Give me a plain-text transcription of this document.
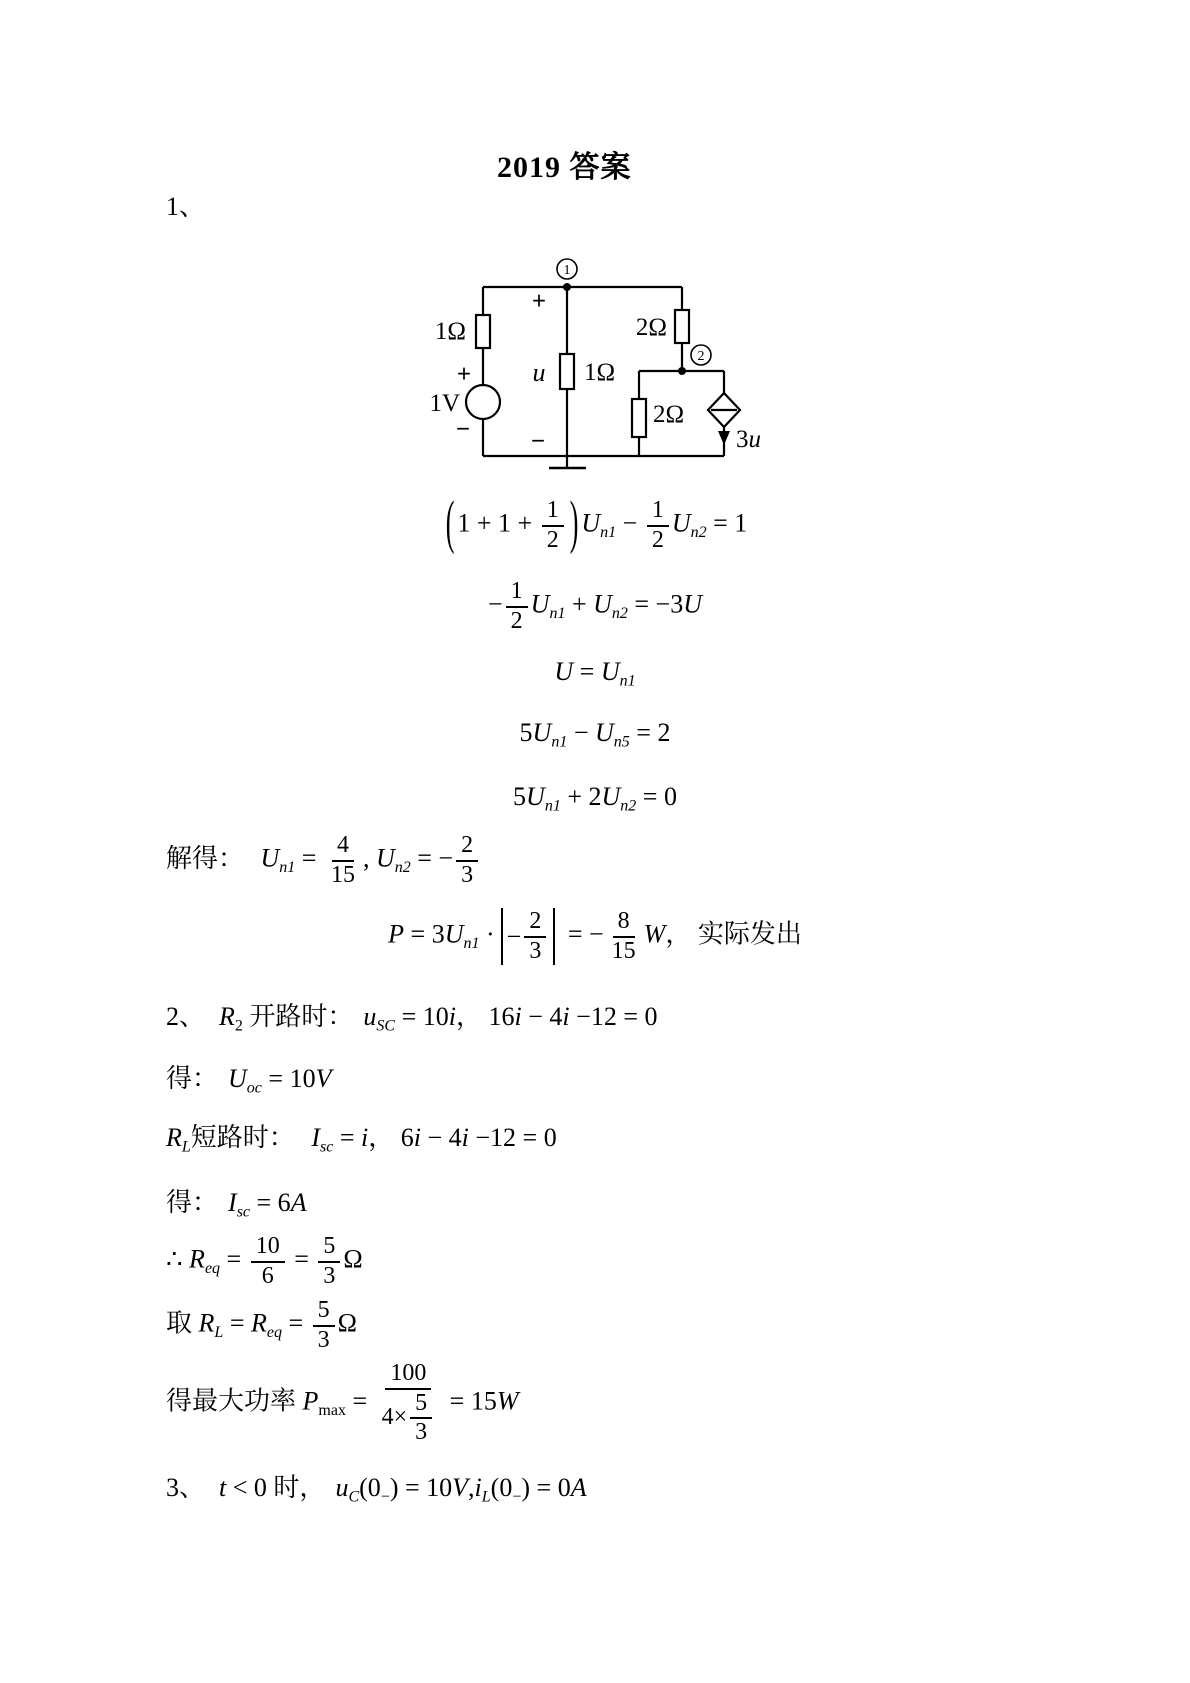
2019 答案
1、
1
2
1Ω
+
1V
−
+
u
−
1Ω
2Ω
2Ω
3u
( $1 + 1 + \frac{1}{2}$ ) $U_{n1} - \frac{1}{2} U_{n2} = 1$
− $\frac{1}{2} U_{n1} + U_{n2} = -3U$
$U = U_{n1}$
$5U_{n1} - U_{n5} = 2$
$5U_{n1} + 2U_{n2} = 0$
解得： $U_{n1} = \frac{4}{15}$ , $U_{n2}$ = − $\frac{2}{3}$
$P = 3U_{n1}$ · − $\frac{2}{3}$ = − $\frac{8}{15}$ W， 实际发出
2、 $R_2$ 开路时： $u_{SC} = 10i$， 16i − 4i −12 = 0
得： $U_{oc} = 10V$
$R_L$短路时： $I_{sc} = i$， 6i − 4i −12 = 0
得： $I_{sc} = 6A$
∴ $R_{eq} = \frac{10}{6} = \frac{5}{3}$ Ω
取 $R_L = R_{eq} = \frac{5}{3}$ Ω
得最大功率 $P_{max} = \frac{100}{4\times \frac{5}{3}} = 15W$
3、 t < 0 时， $u_C(0_-) = 10V,i_L(0_-) = 0A$
